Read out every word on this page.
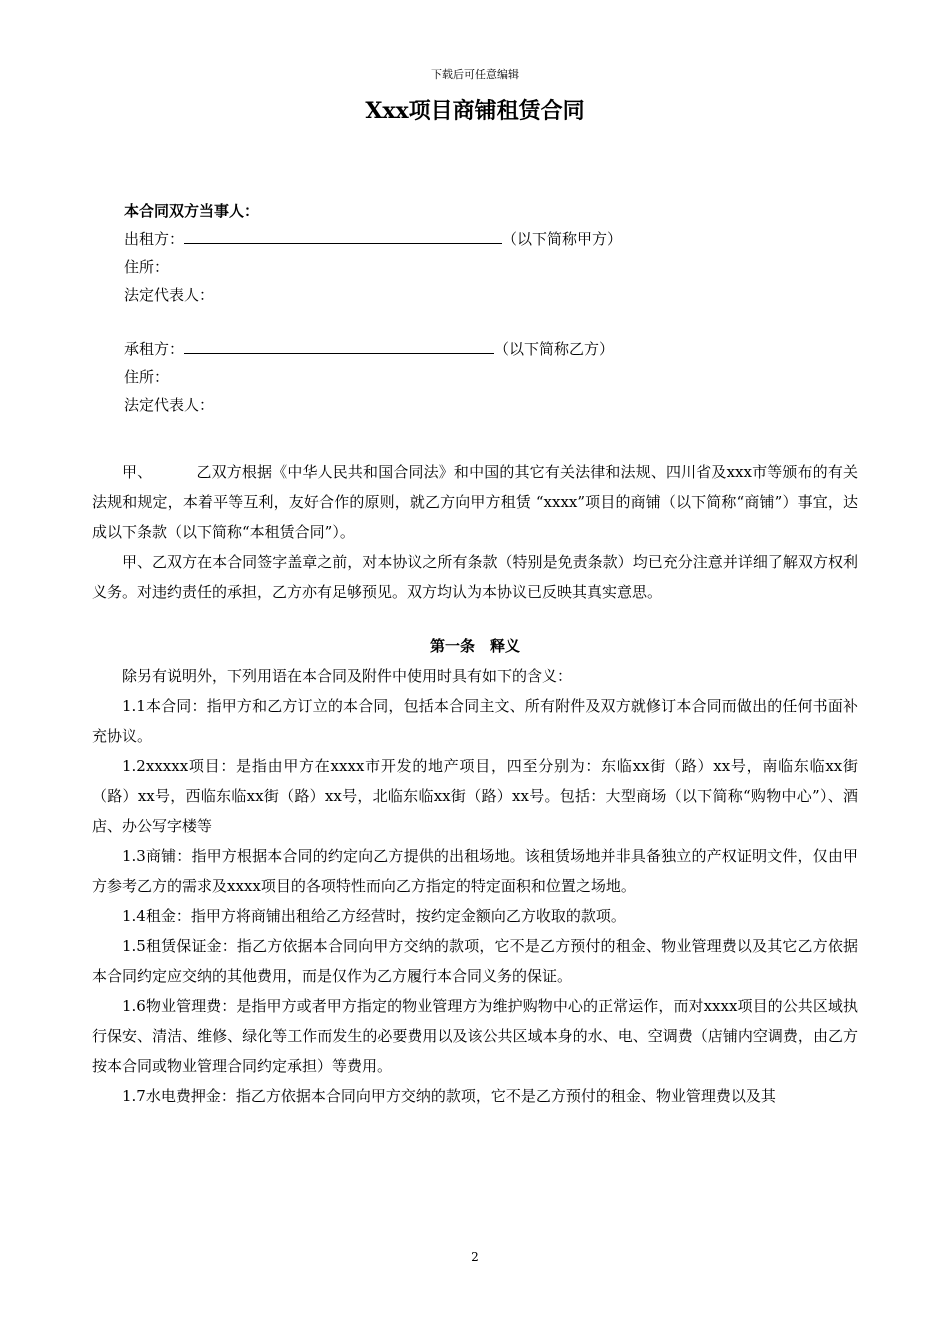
下载后可任意编辑
Xxx项目商铺租赁合同
本合同双方当事人：
出租方：	（以下简称甲方）
住所：
法定代表人：
承租方：	（以下简称乙方）
住所：
法定代表人：

甲、	乙双方根据《中华人民共和国合同法》和中国的其它有关法律和法规、四川省及xxx市等颁布的有关法规和规定，本着平等互利，友好合作的原则，就乙方向甲方租赁 “xxxx”项目的商铺（以下简称“商铺”）事宜，达成以下条款（以下简称“本租赁合同”）。

甲、乙双方在本合同签字盖章之前，对本协议之所有条款（特别是免责条款）均已充分注意并详细了解双方权利义务。对违约责任的承担，乙方亦有足够预见。双方均认为本协议已反映其真实意思。

第一条　释义

除另有说明外，下列用语在本合同及附件中使用时具有如下的含义：

1.1本合同：指甲方和乙方订立的本合同，包括本合同主文、所有附件及双方就修订本合同而做出的任何书面补充协议。

1.2xxxxx项目：是指由甲方在xxxx市开发的地产项目，四至分别为：东临xx街（路）xx号，南临东临xx街（路）xx号，西临东临xx街（路）xx号，北临东临xx街（路）xx号。包括：大型商场（以下简称“购物中心”）、酒店、办公写字楼等

1.3商铺：指甲方根据本合同的约定向乙方提供的出租场地。该租赁场地并非具备独立的产权证明文件，仅由甲方参考乙方的需求及xxxx项目的各项特性而向乙方指定的特定面积和位置之场地。

1.4租金：指甲方将商铺出租给乙方经营时，按约定金额向乙方收取的款项。

1.5租赁保证金：指乙方依据本合同向甲方交纳的款项，它不是乙方预付的租金、物业管理费以及其它乙方依据本合同约定应交纳的其他费用，而是仅作为乙方履行本合同义务的保证。

1.6物业管理费：是指甲方或者甲方指定的物业管理方为维护购物中心的正常运作，而对xxxx项目的公共区域执行保安、清洁、维修、绿化等工作而发生的必要费用以及该公共区域本身的水、电、空调费（店铺内空调费，由乙方按本合同或物业管理合同约定承担）等费用。

1.7水电费押金：指乙方依据本合同向甲方交纳的款项，它不是乙方预付的租金、物业管理费以及其

2
